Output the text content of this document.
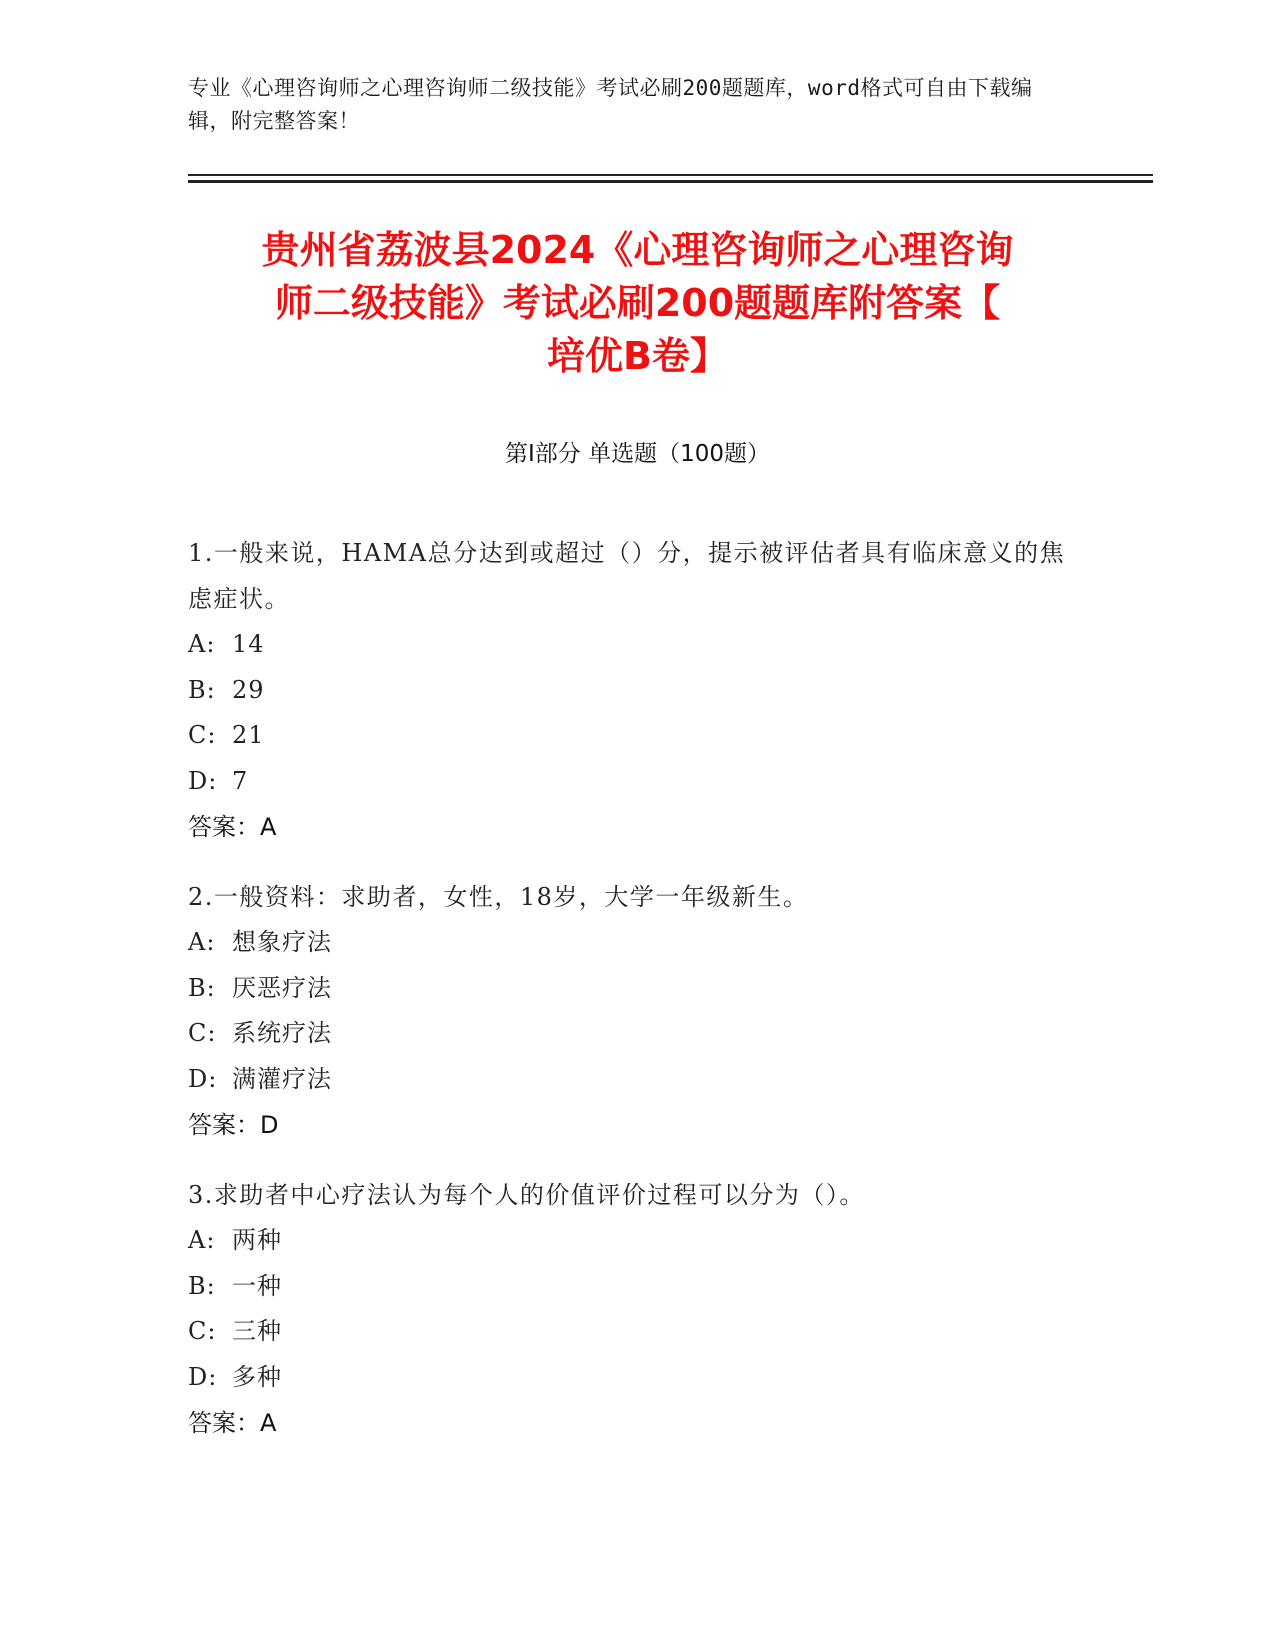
专业《心理咨询师之心理咨询师二级技能》考试必刷200题题库，word格式可自由下载编辑，附完整答案！
贵州省荔波县2024《心理咨询师之心理咨询
师二级技能》考试必刷200题题库附答案【
培优B卷】
第Ⅰ部分 单选题（100题）
1.一般来说，HAMA总分达到或超过（）分，提示被评估者具有临床意义的焦虑症状。
A: 14
B: 29
C: 21
D: 7
答案：A
2.一般资料：求助者，女性，18岁，大学一年级新生。
A: 想象疗法
B: 厌恶疗法
C: 系统疗法
D: 满灌疗法
答案：D
3.求助者中心疗法认为每个人的价值评价过程可以分为（）。
A: 两种
B: 一种
C: 三种
D: 多种
答案：A
